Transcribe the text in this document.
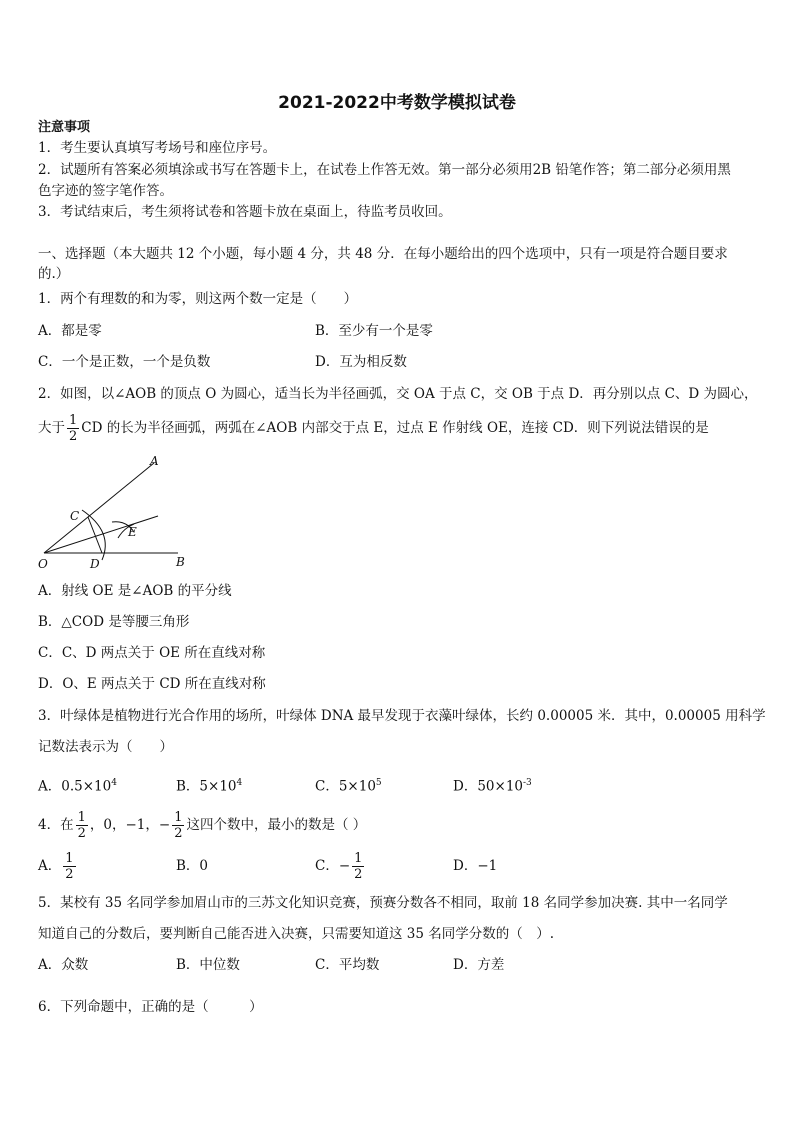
2021-2022中考数学模拟试卷
注意事项
1．考生要认真填写考场号和座位序号。
2．试题所有答案必须填涂或书写在答题卡上，在试卷上作答无效。第一部分必须用2B 铅笔作答；第二部分必须用黑
色字迹的签字笔作答。
3．考试结束后，考生须将试卷和答题卡放在桌面上，待监考员收回。
一、选择题（本大题共 12 个小题，每小题 4 分，共 48 分．在每小题给出的四个选项中，只有一项是符合题目要求
的.）
1．两个有理数的和为零，则这两个数一定是（　　）
A．都是零	B．至少有一个是零
C．一个是正数，一个是负数	D．互为相反数
2．如图，以∠AOB 的顶点 O 为圆心，适当长为半径画弧，交 OA 于点 C，交 OB 于点 D．再分别以点 C、D 为圆心，
大于 $\frac{1}{2}$ CD 的长为半径画弧，两弧在∠AOB 内部交于点 E，过点 E 作射线 OE，连接 CD．则下列说法错误的是
A
B
C
D
E
O
A．射线 OE 是∠AOB 的平分线
B．△COD 是等腰三角形
C．C、D 两点关于 OE 所在直线对称
D．O、E 两点关于 CD 所在直线对称
3．叶绿体是植物进行光合作用的场所，叶绿体 DNA 最早发现于衣藻叶绿体，长约 0.00005 米．其中，0.00005 用科学
记数法表示为（　　）
A．$0.5\times 10^4$	B．$5\times 10^4$	C．$5\times 10^5$	D．$50\times 10^{-3}$
4．在 $\frac{1}{2}$ ，0，−1，− $\frac{1}{2}$ 这四个数中，最小的数是（ ）
A． $\frac{1}{2}$	B．0	C．− $\frac{1}{2}$	D．−1
5．某校有 35 名同学参加眉山市的三苏文化知识竞赛，预赛分数各不相同，取前 18 名同学参加决赛. 其中一名同学
知道自己的分数后，要判断自己能否进入决赛，只需要知道这 35 名同学分数的（　）.
A．众数	B．中位数	C．平均数	D．方差
6．下列命题中，正确的是（　　　）
